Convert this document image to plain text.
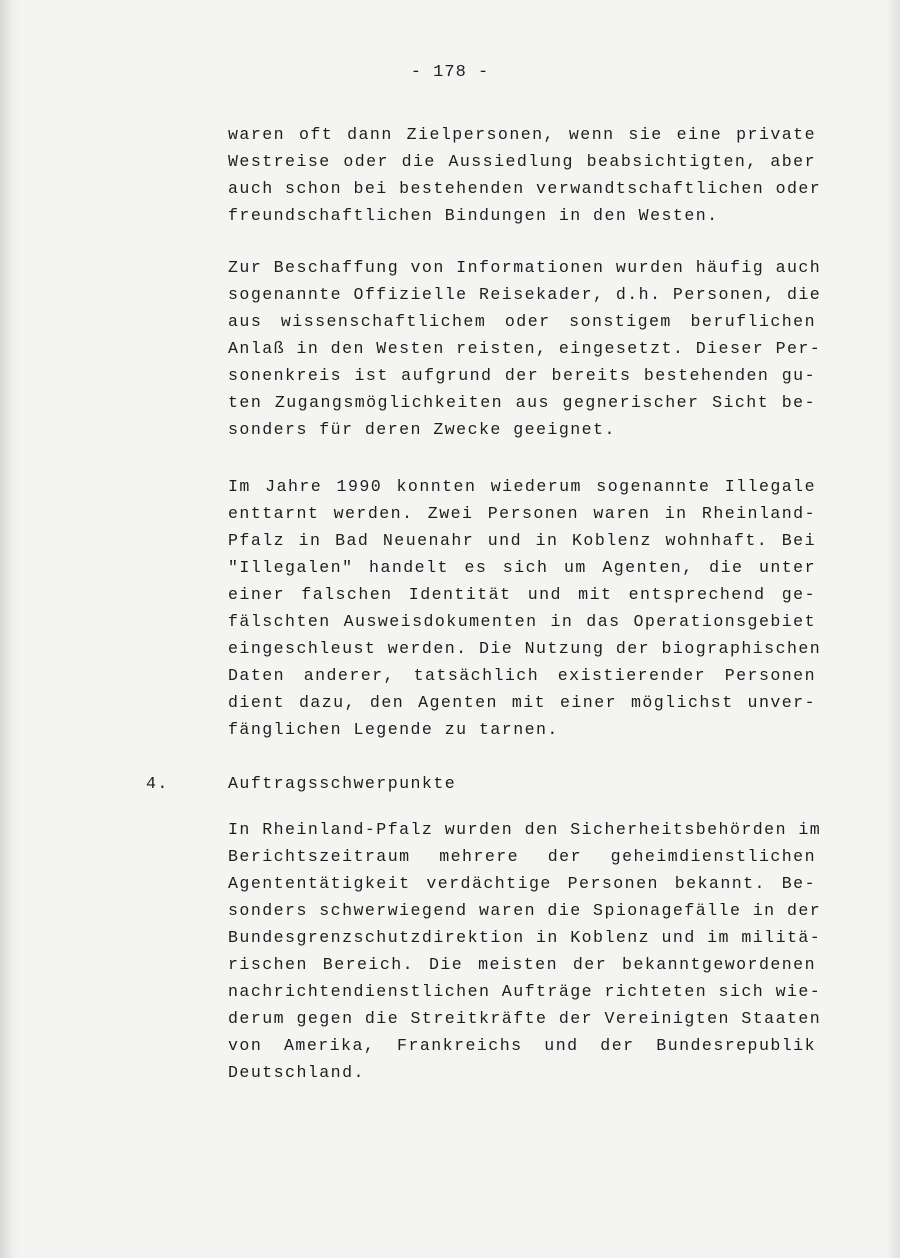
- 178 -
waren oft dann Zielpersonen, wenn sie eine private
Westreise oder die Aussiedlung beabsichtigten, aber
auch schon bei bestehenden verwandtschaftlichen oder
freundschaftlichen Bindungen in den Westen.
Zur Beschaffung von Informationen wurden häufig auch
sogenannte Offizielle Reisekader, d.h. Personen, die
aus wissenschaftlichem oder sonstigem beruflichen
Anlaß in den Westen reisten, eingesetzt. Dieser Per-
sonenkreis ist aufgrund der bereits bestehenden gu-
ten Zugangsmöglichkeiten aus gegnerischer Sicht be-
sonders für deren Zwecke geeignet.
Im Jahre 1990 konnten wiederum sogenannte Illegale
enttarnt werden. Zwei Personen waren in Rheinland-
Pfalz in Bad Neuenahr und in Koblenz wohnhaft. Bei
"Illegalen" handelt es sich um Agenten, die unter
einer falschen Identität und mit entsprechend ge-
fälschten Ausweisdokumenten in das Operationsgebiet
eingeschleust werden. Die Nutzung der biographischen
Daten anderer, tatsächlich existierender Personen
dient dazu, den Agenten mit einer möglichst unver-
fänglichen Legende zu tarnen.
4.	Auftragsschwerpunkte
In Rheinland-Pfalz wurden den Sicherheitsbehörden im
Berichtszeitraum mehrere der geheimdienstlichen
Agententätigkeit verdächtige Personen bekannt. Be-
sonders schwerwiegend waren die Spionagefälle in der
Bundesgrenzschutzdirektion in Koblenz und im militä-
rischen Bereich. Die meisten der bekanntgewordenen
nachrichtendienstlichen Aufträge richteten sich wie-
derum gegen die Streitkräfte der Vereinigten Staaten
von Amerika, Frankreichs und der Bundesrepublik
Deutschland.
